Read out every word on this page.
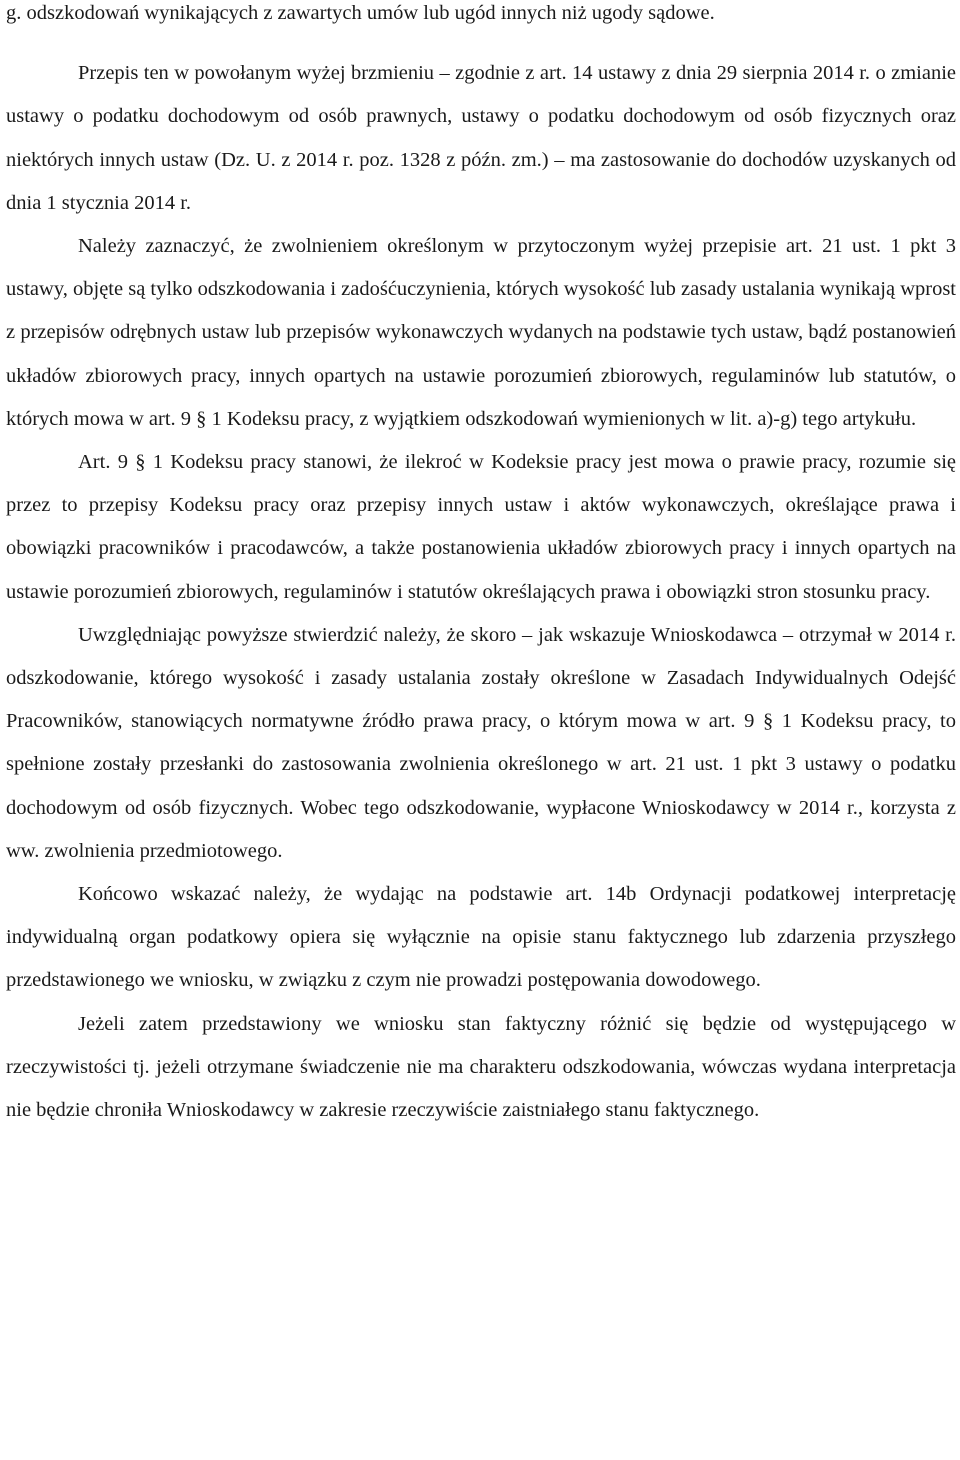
g. odszkodowań wynikających z zawartych umów lub ugód innych niż ugody sądowe.

Przepis ten w powołanym wyżej brzmieniu – zgodnie z art. 14 ustawy z dnia 29 sierpnia 2014 r. o zmianie ustawy o podatku dochodowym od osób prawnych, ustawy o podatku dochodowym od osób fizycznych oraz niektórych innych ustaw (Dz. U. z 2014 r. poz. 1328 z późn. zm.) – ma zastosowanie do dochodów uzyskanych od dnia 1 stycznia 2014 r.

Należy zaznaczyć, że zwolnieniem określonym w przytoczonym wyżej przepisie art. 21 ust. 1 pkt 3 ustawy, objęte są tylko odszkodowania i zadośćuczynienia, których wysokość lub zasady ustalania wynikają wprost z przepisów odrębnych ustaw lub przepisów wykonawczych wydanych na podstawie tych ustaw, bądź postanowień układów zbiorowych pracy, innych opartych na ustawie porozumień zbiorowych, regulaminów lub statutów, o których mowa w art. 9 § 1 Kodeksu pracy, z wyjątkiem odszkodowań wymienionych w lit. a)-g) tego artykułu.

Art. 9 § 1 Kodeksu pracy stanowi, że ilekroć w Kodeksie pracy jest mowa o prawie pracy, rozumie się przez to przepisy Kodeksu pracy oraz przepisy innych ustaw i aktów wykonawczych, określające prawa i obowiązki pracowników i pracodawców, a także postanowienia układów zbiorowych pracy i innych opartych na ustawie porozumień zbiorowych, regulaminów i statutów określających prawa i obowiązki stron stosunku pracy.

Uwzględniając powyższe stwierdzić należy, że skoro – jak wskazuje Wnioskodawca – otrzymał w 2014 r. odszkodowanie, którego wysokość i zasady ustalania zostały określone w Zasadach Indywidualnych Odejść Pracowników, stanowiących normatywne źródło prawa pracy, o którym mowa w art. 9 § 1 Kodeksu pracy, to spełnione zostały przesłanki do zastosowania zwolnienia określonego w art. 21 ust. 1 pkt 3 ustawy o podatku dochodowym od osób fizycznych. Wobec tego odszkodowanie, wypłacone Wnioskodawcy w 2014 r., korzysta z ww. zwolnienia przedmiotowego.

Końcowo wskazać należy, że wydając na podstawie art. 14b Ordynacji podatkowej interpretację indywidualną organ podatkowy opiera się wyłącznie na opisie stanu faktycznego lub zdarzenia przyszłego przedstawionego we wniosku, w związku z czym nie prowadzi postępowania dowodowego.

Jeżeli zatem przedstawiony we wniosku stan faktyczny różnić się będzie od występującego w rzeczywistości tj. jeżeli otrzymane świadczenie nie ma charakteru odszkodowania, wówczas wydana interpretacja nie będzie chroniła Wnioskodawcy w zakresie rzeczywiście zaistniałego stanu faktycznego.
